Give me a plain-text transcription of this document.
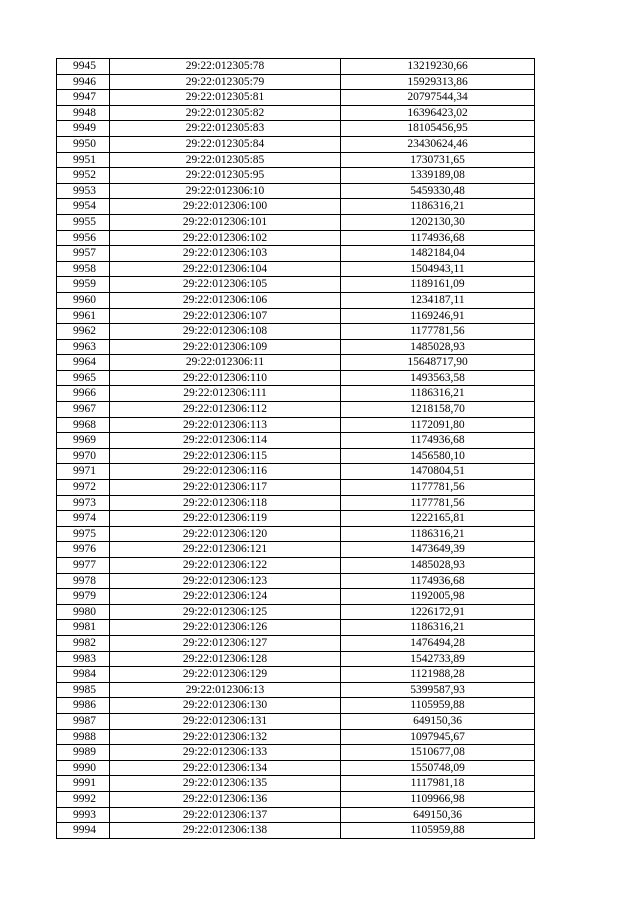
9945	29:22:012305:78	13219230,66
9946	29:22:012305:79	15929313,86
9947	29:22:012305:81	20797544,34
9948	29:22:012305:82	16396423,02
9949	29:22:012305:83	18105456,95
9950	29:22:012305:84	23430624,46
9951	29:22:012305:85	1730731,65
9952	29:22:012305:95	1339189,08
9953	29:22:012306:10	5459330,48
9954	29:22:012306:100	1186316,21
9955	29:22:012306:101	1202130,30
9956	29:22:012306:102	1174936,68
9957	29:22:012306:103	1482184,04
9958	29:22:012306:104	1504943,11
9959	29:22:012306:105	1189161,09
9960	29:22:012306:106	1234187,11
9961	29:22:012306:107	1169246,91
9962	29:22:012306:108	1177781,56
9963	29:22:012306:109	1485028,93
9964	29:22:012306:11	15648717,90
9965	29:22:012306:110	1493563,58
9966	29:22:012306:111	1186316,21
9967	29:22:012306:112	1218158,70
9968	29:22:012306:113	1172091,80
9969	29:22:012306:114	1174936,68
9970	29:22:012306:115	1456580,10
9971	29:22:012306:116	1470804,51
9972	29:22:012306:117	1177781,56
9973	29:22:012306:118	1177781,56
9974	29:22:012306:119	1222165,81
9975	29:22:012306:120	1186316,21
9976	29:22:012306:121	1473649,39
9977	29:22:012306:122	1485028,93
9978	29:22:012306:123	1174936,68
9979	29:22:012306:124	1192005,98
9980	29:22:012306:125	1226172,91
9981	29:22:012306:126	1186316,21
9982	29:22:012306:127	1476494,28
9983	29:22:012306:128	1542733,89
9984	29:22:012306:129	1121988,28
9985	29:22:012306:13	5399587,93
9986	29:22:012306:130	1105959,88
9987	29:22:012306:131	649150,36
9988	29:22:012306:132	1097945,67
9989	29:22:012306:133	1510677,08
9990	29:22:012306:134	1550748,09
9991	29:22:012306:135	1117981,18
9992	29:22:012306:136	1109966,98
9993	29:22:012306:137	649150,36
9994	29:22:012306:138	1105959,88
